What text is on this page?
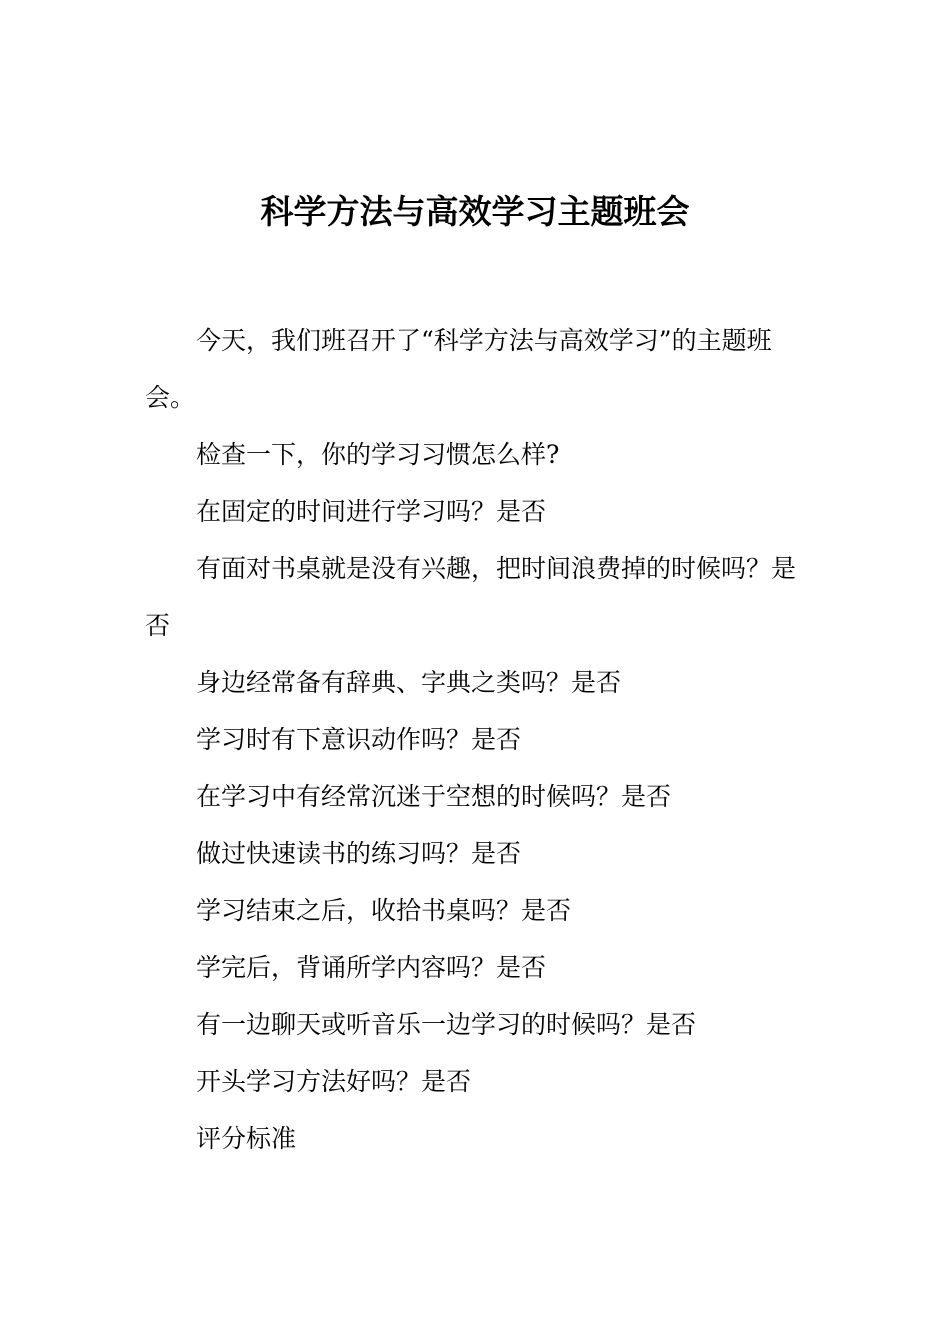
科学方法与高效学习主题班会

今天，我们班召开了“科学方法与高效学习”的主题班会。

检查一下，你的学习习惯怎么样?

在固定的时间进行学习吗？是否

有面对书桌就是没有兴趣，把时间浪费掉的时候吗？是否

身边经常备有辞典、字典之类吗？是否

学习时有下意识动作吗？是否

在学习中有经常沉迷于空想的时候吗？是否

做过快速读书的练习吗？是否

学习结束之后，收拾书桌吗？是否

学完后，背诵所学内容吗？是否

有一边聊天或听音乐一边学习的时候吗？是否

开头学习方法好吗？是否

评分标准
